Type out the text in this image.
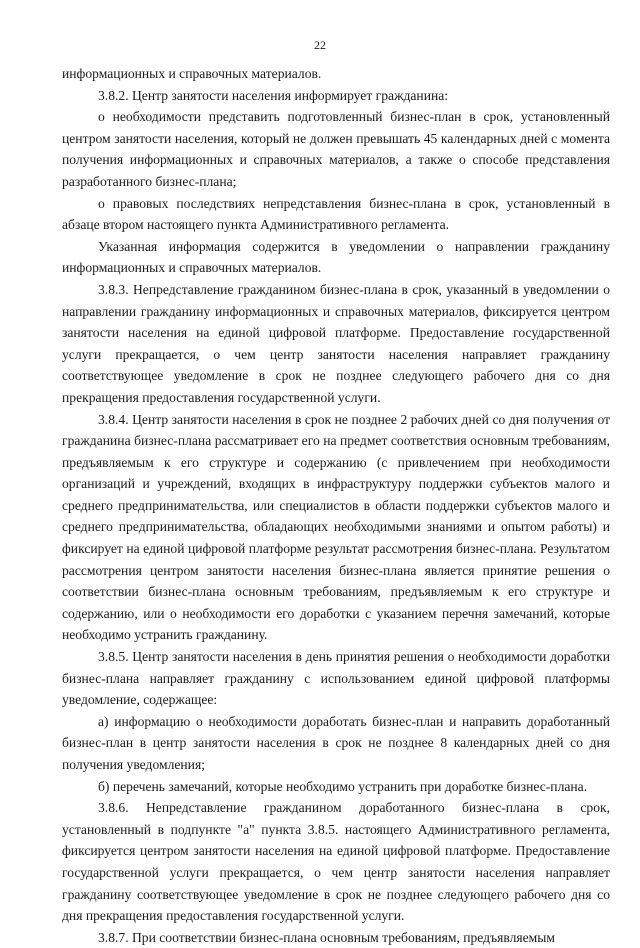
22

информационных и справочных материалов.

3.8.2. Центр занятости населения информирует гражданина:

о необходимости представить подготовленный бизнес-план в срок, установленный центром занятости населения, который не должен превышать 45 календарных дней с момента получения информационных и справочных материалов, а также о способе представления разработанного бизнес-плана;

о правовых последствиях непредставления бизнес-плана в срок, установленный в абзаце втором настоящего пункта Административного регламента.

Указанная информация содержится в уведомлении о направлении гражданину информационных и справочных материалов.

3.8.3. Непредставление гражданином бизнес-плана в срок, указанный в уведомлении о направлении гражданину информационных и справочных материалов, фиксируется центром занятости населения на единой цифровой платформе. Предоставление государственной услуги прекращается, о чем центр занятости населения направляет гражданину соответствующее уведомление в срок не позднее следующего рабочего дня со дня прекращения предоставления государственной услуги.

3.8.4. Центр занятости населения в срок не позднее 2 рабочих дней со дня получения от гражданина бизнес-плана рассматривает его на предмет соответствия основным требованиям, предъявляемым к его структуре и содержанию (с привлечением при необходимости организаций и учреждений, входящих в инфраструктуру поддержки субъектов малого и среднего предпринимательства, или специалистов в области поддержки субъектов малого и среднего предпринимательства, обладающих необходимыми знаниями и опытом работы) и фиксирует на единой цифровой платформе результат рассмотрения бизнес-плана. Результатом рассмотрения центром занятости населения бизнес-плана является принятие решения о соответствии бизнес-плана основным требованиям, предъявляемым к его структуре и содержанию, или о необходимости его доработки с указанием перечня замечаний, которые необходимо устранить гражданину.

3.8.5. Центр занятости населения в день принятия решения о необходимости доработки бизнес-плана направляет гражданину с использованием единой цифровой платформы уведомление, содержащее:

а) информацию о необходимости доработать бизнес-план и направить доработанный бизнес-план в центр занятости населения в срок не позднее 8 календарных дней со дня получения уведомления;

б) перечень замечаний, которые необходимо устранить при доработке бизнес-плана.

3.8.6. Непредставление гражданином доработанного бизнес-плана в срок, установленный в подпункте "а" пункта 3.8.5. настоящего Административного регламента, фиксируется центром занятости населения на единой цифровой платформе. Предоставление государственной услуги прекращается, о чем центр занятости населения направляет гражданину соответствующее уведомление в срок не позднее следующего рабочего дня со дня прекращения предоставления государственной услуги.

3.8.7. При соответствии бизнес-плана основным требованиям, предъявляемым
